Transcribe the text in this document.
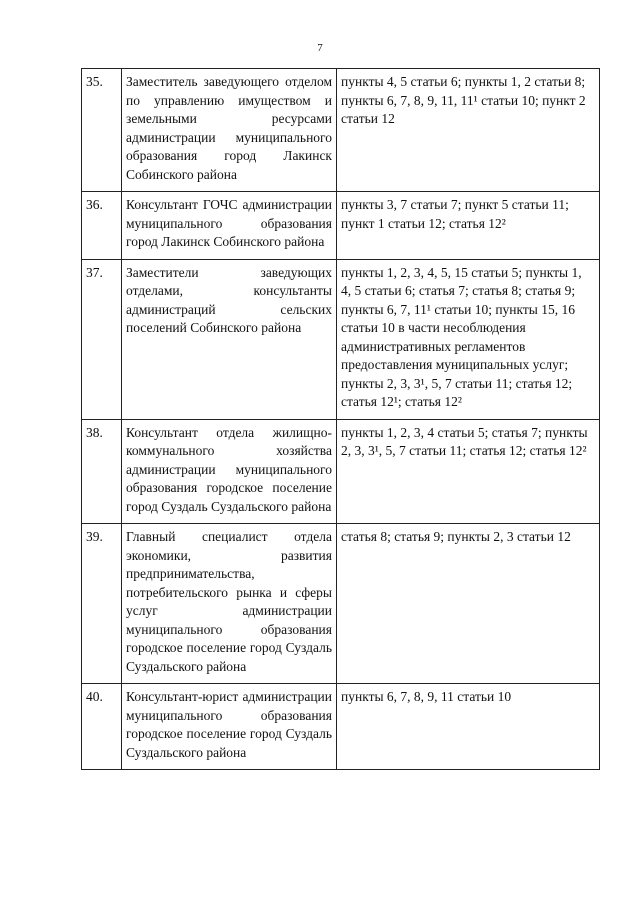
7
35.	Заместитель заведующего отделом по управлению имуществом и земельными ресурсами администрации муниципального образования город Лакинск Собинского района	пункты 4, 5 статьи 6; пункты 1, 2 статьи 8; пункты 6, 7, 8, 9, 11, 11¹ статьи 10; пункт 2 статьи 12
36.	Консультант ГОЧС администрации муниципального образования город Лакинск Собинского района	пункты 3, 7 статьи 7; пункт 5 статьи 11; пункт 1 статьи 12; статья 12²
37.	Заместители заведующих отделами, консультанты администраций сельских поселений Собинского района	пункты 1, 2, 3, 4, 5, 15 статьи 5; пункты 1, 4, 5 статьи 6; статья 7; статья 8; статья 9; пункты 6, 7, 11¹ статьи 10; пункты 15, 16 статьи 10 в части несоблюдения административных регламентов предоставления муниципальных услуг; пункты 2, 3, 3¹, 5, 7 статьи 11; статья 12; статья 12¹; статья 12²
38.	Консультант отдела жилищно-коммунального хозяйства администрации муниципального образования городское поселение город Суздаль Суздальского района	пункты 1, 2, 3, 4 статьи 5; статья 7; пункты 2, 3, 3¹, 5, 7 статьи 11; статья 12; статья 12²
39.	Главный специалист отдела экономики, развития предпринимательства, потребительского рынка и сферы услуг администрации муниципального образования городское поселение город Суздаль Суздальского района	статья 8; статья 9; пункты 2, 3 статьи 12
40.	Консультант-юрист администрации муниципального образования городское поселение город Суздаль Суздальского района	пункты 6, 7, 8, 9, 11 статьи 10
